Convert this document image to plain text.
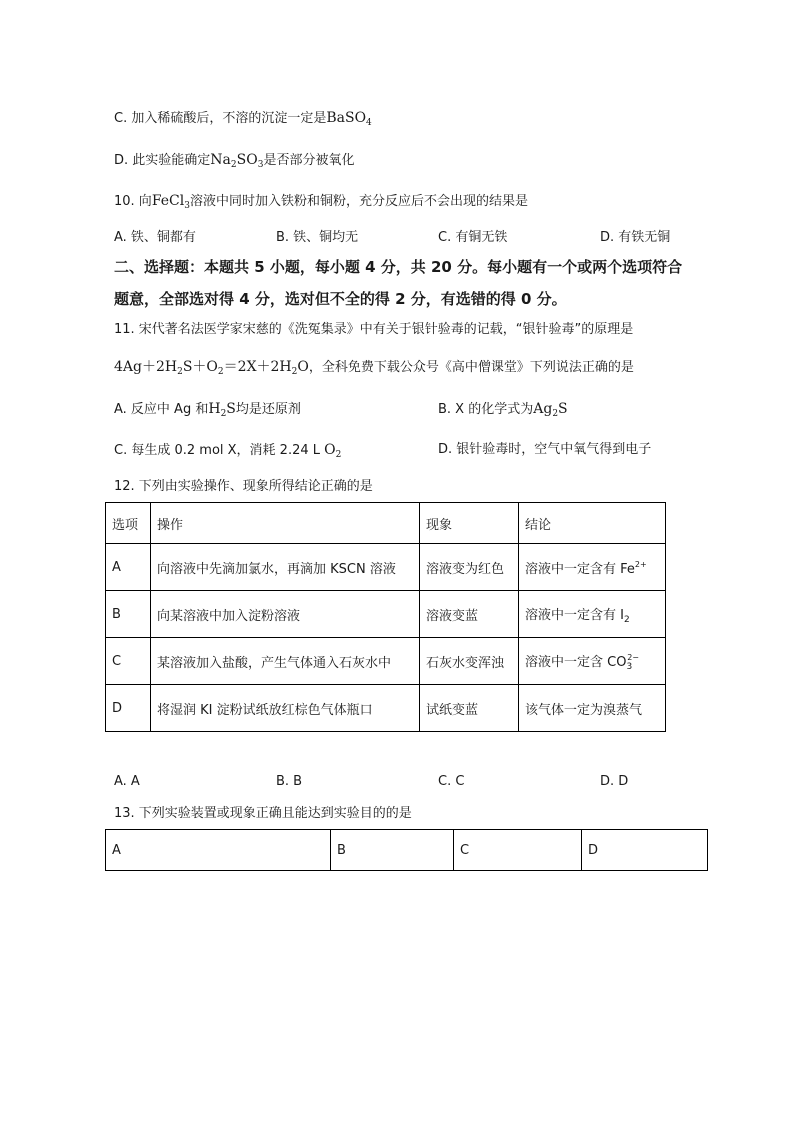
C. 加入稀硫酸后，不溶的沉淀一定是BaSO$_4$
D. 此实验能确定$Na_2SO_3$是否部分被氧化
10. 向FeCl$_3$溶液中同时加入铁粉和铜粉，充分反应后不会出现的结果是
A. 铁、铜都有	B. 铁、铜均无	C. 有铜无铁	D. 有铁无铜
二、选择题：本题共 5 小题，每小题 4 分，共 20 分。每小题有一个或两个选项符合
题意，全部选对得 4 分，选对但不全的得 2 分，有选错的得 0 分。
11. 宋代著名法医学家宋慈的《洗冤集录》中有关于银针验毒的记载，“银针验毒”的原理是
$4Ag+2H_2S+O_2=2X+2H_2O$，全科免费下载公众号《高中僧课堂》下列说法正确的是
A. 反应中 Ag 和$H_2S$均是还原剂	B. X 的化学式为$Ag_2S$
C. 每生成 0.2 mol X，消耗 2.24 L $O_2$	D. 银针验毒时，空气中氧气得到电子
12. 下列由实验操作、现象所得结论正确的是
选项	操作	现象	结论
A	向溶液中先滴加氯水，再滴加 KSCN 溶液	溶液变为红色	溶液中一定含有 $Fe^{2+}$
B	向某溶液中加入淀粉溶液	溶液变蓝	溶液中一定含有 $I_2$
C	某溶液加入盐酸，产生气体通入石灰水中	石灰水变浑浊	溶液中一定含 $CO_3^{2-}$
D	将湿润 KI 淀粉试纸放红棕色气体瓶口	试纸变蓝	该气体一定为溴蒸气
A. A	B. B	C. C	D. D
13. 下列实验装置或现象正确且能达到实验目的的是
A	B	C	D
